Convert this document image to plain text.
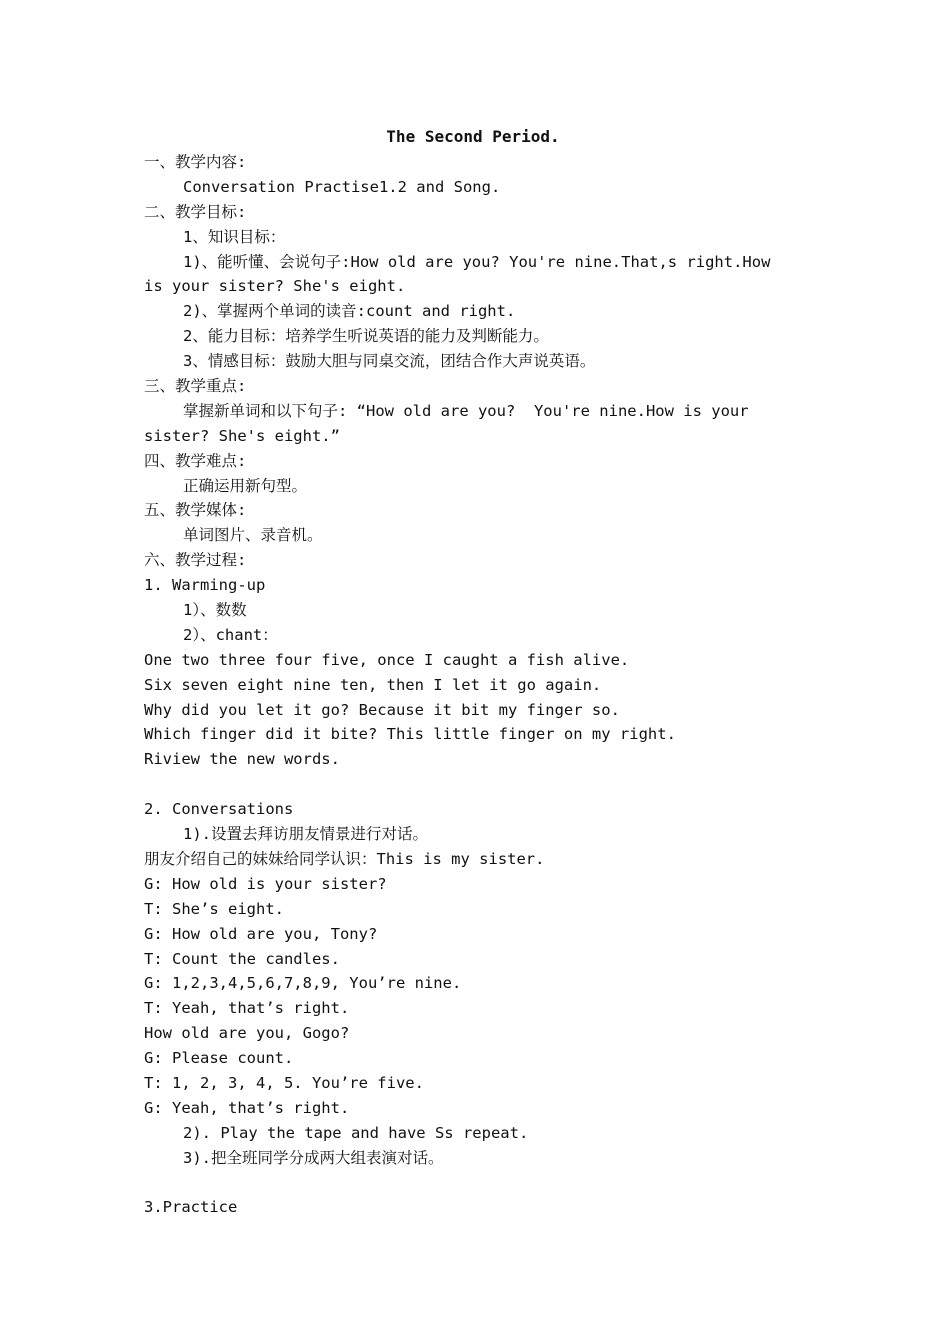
The Second Period.
一、教学内容:
Conversation Practise1.2 and Song.
二、教学目标:
1、知识目标：
1)、能听懂、会说句子:How old are you? You're nine.That,s right.How
is your sister? She's eight.
2)、掌握两个单词的读音:count and right.
2、能力目标：培养学生听说英语的能力及判断能力。
3、情感目标：鼓励大胆与同桌交流，团结合作大声说英语。
三、教学重点:
掌握新单词和以下句子: “How old are you?  You're nine.How is your
sister? She's eight.”
四、教学难点:
正确运用新句型。
五、教学媒体:
单词图片、录音机。
六、教学过程:
1. Warming-up
1）、数数
2）、chant：
One two three four five, once I caught a fish alive.
Six seven eight nine ten, then I let it go again.
Why did you let it go? Because it bit my finger so.
Which finger did it bite? This little finger on my right.
Riview the new words.
2. Conversations
1).设置去拜访朋友情景进行对话。
朋友介绍自己的妹妹给同学认识：This is my sister.
G: How old is your sister?
T: She’s eight.
G: How old are you, Tony?
T: Count the candles.
G: 1,2,3,4,5,6,7,8,9, You’re nine.
T: Yeah, that’s right.
How old are you, Gogo?
G: Please count.
T: 1, 2, 3, 4, 5. You’re five.
G: Yeah, that’s right.
2). Play the tape and have Ss repeat.
3).把全班同学分成两大组表演对话。
3.Practice
